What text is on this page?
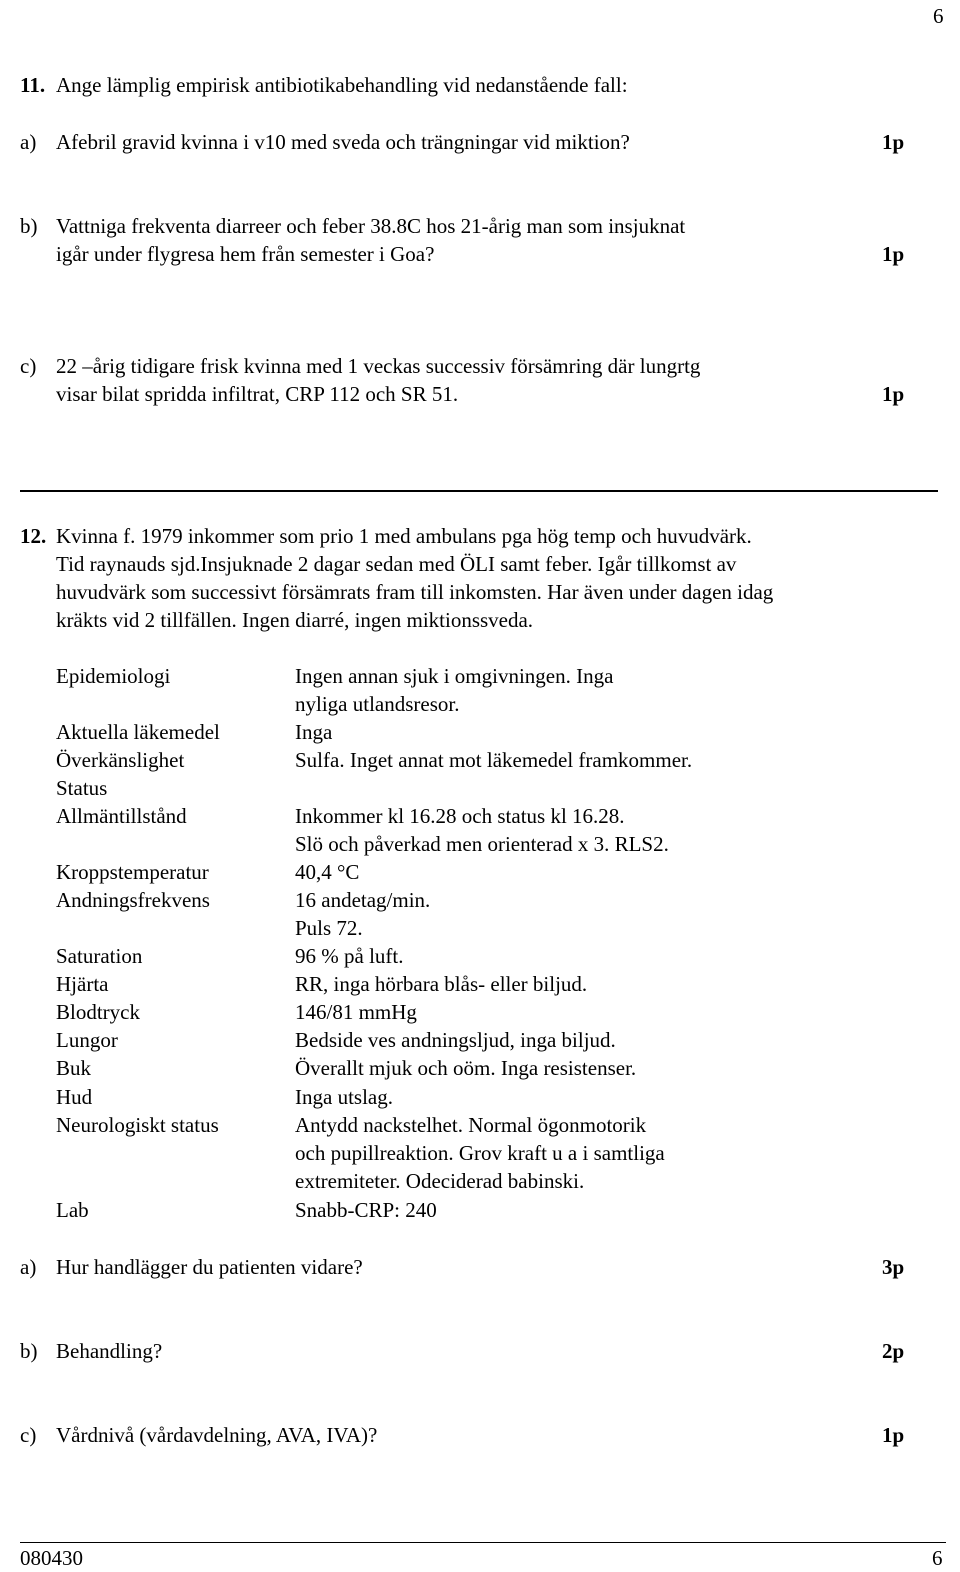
6
11. Ange lämplig empirisk antibiotikabehandling vid nedanstående fall:
a) Afebril gravid kvinna i v10 med sveda och trängningar vid miktion?	1p
b) Vattniga frekventa diarreer och feber 38.8C hos 21-årig man som insjuknat
igår under flygresa hem från semester i Goa?	1p
c) 22 –årig tidigare frisk kvinna med 1 veckas successiv försämring där lungrtg
visar bilat spridda infiltrat, CRP 112 och SR 51.	1p
12. Kvinna f. 1979 inkommer som prio 1 med ambulans pga hög temp och huvudvärk.
Tid raynauds sjd.Insjuknade 2 dagar sedan med ÖLI samt feber. Igår tillkomst av
huvudvärk som successivt försämrats fram till inkomsten. Har även under dagen idag
kräkts vid 2 tillfällen. Ingen diarré, ingen miktionssveda.
Epidemiologi	Ingen annan sjuk i omgivningen. Inga
nyliga utlandsresor.
Aktuella läkemedel	Inga
Överkänslighet	Sulfa. Inget annat mot läkemedel framkommer.
Status
Allmäntillstånd	Inkommer kl 16.28 och status kl 16.28.
Slö och påverkad men orienterad x 3. RLS2.
Kroppstemperatur	40,4 °C
Andningsfrekvens	16 andetag/min.
Puls 72.
Saturation	96 % på luft.
Hjärta	RR, inga hörbara blås- eller biljud.
Blodtryck	146/81 mmHg
Lungor	Bedside ves andningsljud, inga biljud.
Buk	Överallt mjuk och oöm. Inga resistenser.
Hud	Inga utslag.
Neurologiskt status	Antydd nackstelhet. Normal ögonmotorik
och pupillreaktion. Grov kraft u a i samtliga
extremiteter. Odeciderad babinski.
Lab	Snabb-CRP: 240
a) Hur handlägger du patienten vidare?	3p
b) Behandling?	2p
c) Vårdnivå (vårdavdelning, AVA, IVA)?	1p
080430	6
